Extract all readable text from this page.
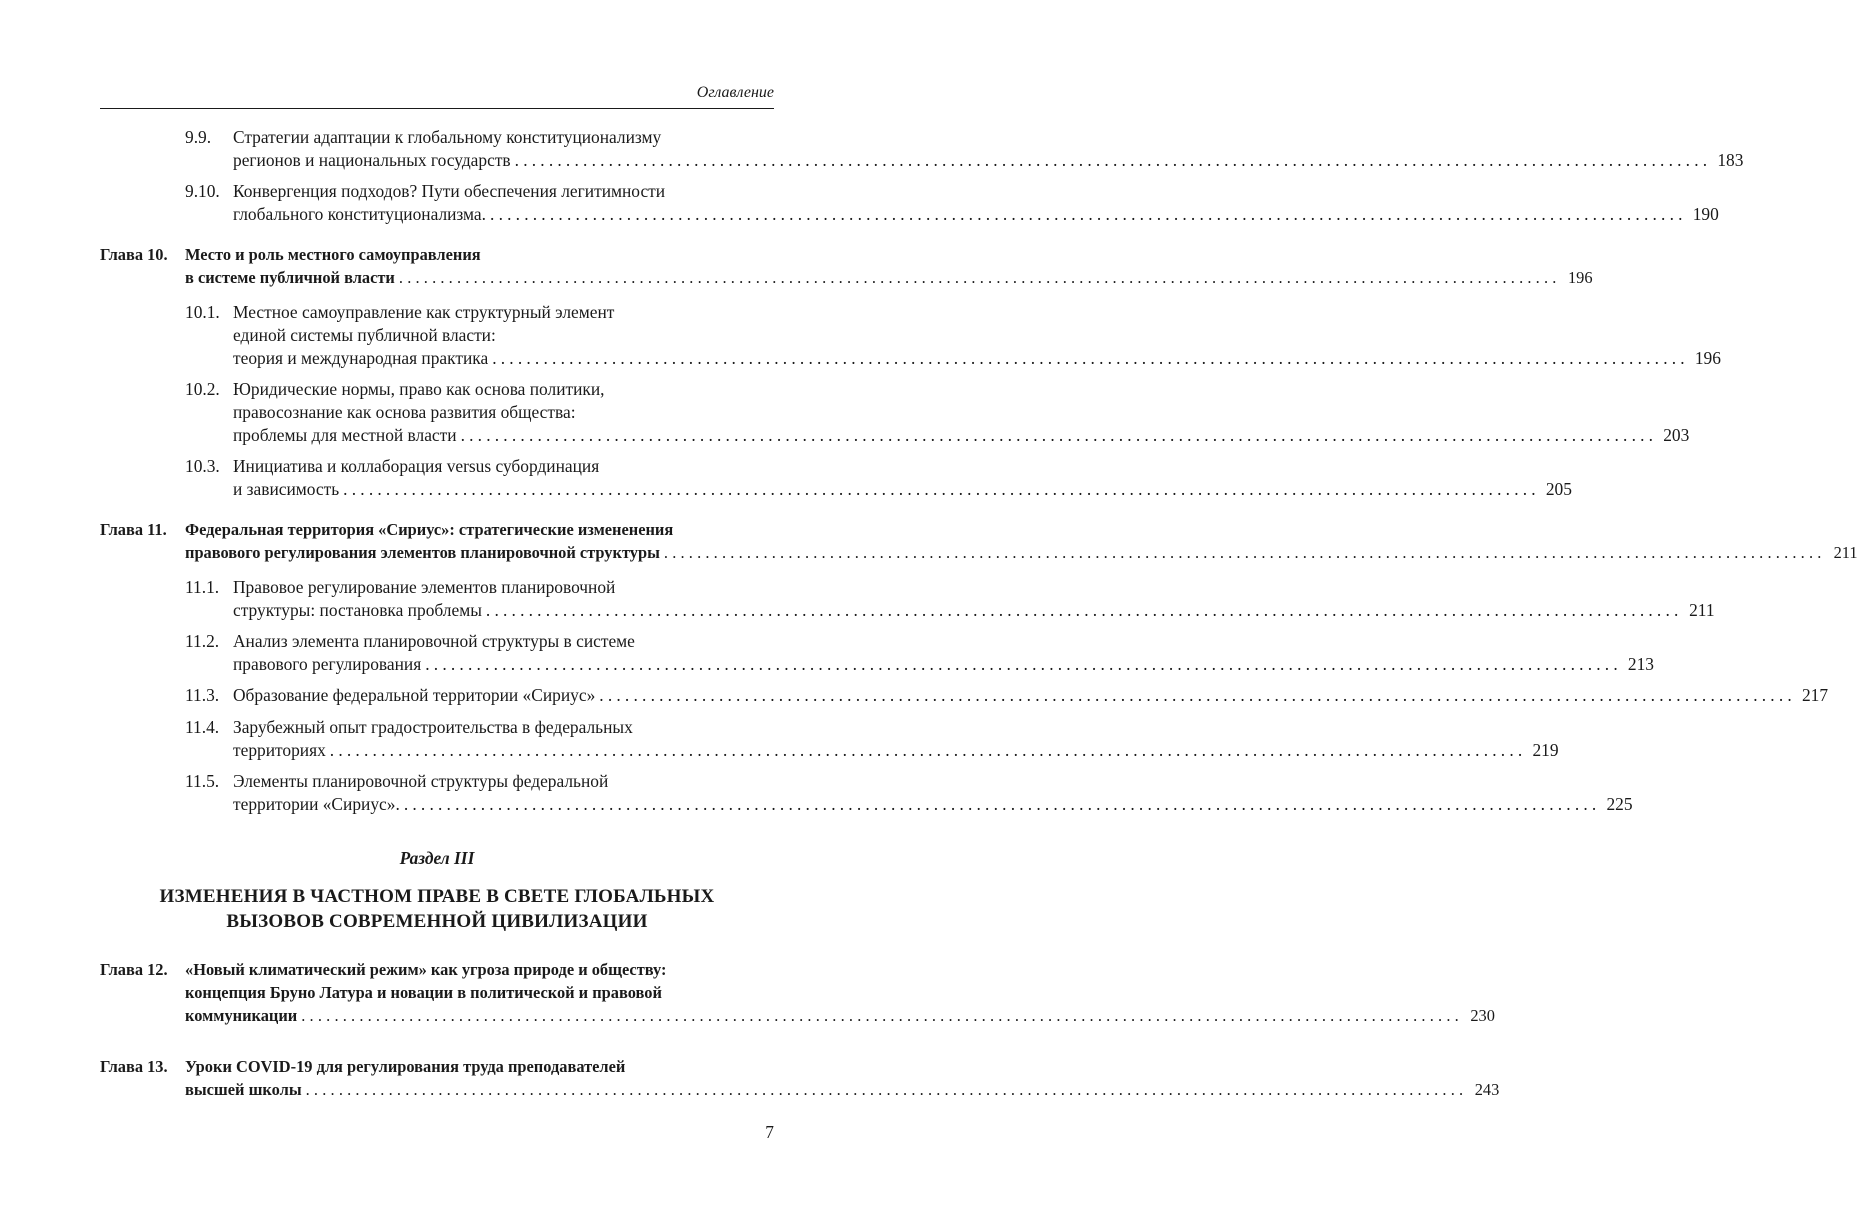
Оглавление
9.9. Стратегии адаптации к глобальному конституционализму
регионов и национальных государств ............................................................................................................................................ 183
9.10. Конвергенция подходов? Пути обеспечения легитимности
глобального конституционализма. ............................................................................................................................................ 190
Глава 10. Место и роль местного самоуправления
в системе публичной власти ............................................................................................................................................ 196
10.1. Местное самоуправление как структурный элемент
единой системы публичной власти:
теория и международная практика ............................................................................................................................................ 196
10.2. Юридические нормы, право как основа политики,
правосознание как основа развития общества:
проблемы для местной власти ............................................................................................................................................ 203
10.3. Инициатива и коллаборация versus субординация
и зависимость ............................................................................................................................................ 205
Глава 11. Федеральная территория «Сириус»: стратегические измененения
правового регулирования элементов планировочной структуры ............................................................................................................................................ 211
11.1. Правовое регулирование элементов планировочной
структуры: постановка проблемы ............................................................................................................................................ 211
11.2. Анализ элемента планировочной структуры в системе
правового регулирования ............................................................................................................................................ 213
11.3. Образование федеральной территории «Сириус» ............................................................................................................................................ 217
11.4. Зарубежный опыт градостроительства в федеральных
территориях ............................................................................................................................................ 219
11.5. Элементы планировочной структуры федеральной
территории «Сириус». ............................................................................................................................................ 225
Раздел III
ИЗМЕНЕНИЯ В ЧАСТНОМ ПРАВЕ В СВЕТЕ ГЛОБАЛЬНЫХ
ВЫЗОВОВ СОВРЕМЕННОЙ ЦИВИЛИЗАЦИИ
Глава 12. «Новый климатический режим» как угроза природе и обществу:
концепция Бруно Латура и новации в политической и правовой
коммуникации ............................................................................................................................................ 230
Глава 13. Уроки COVID-19 для регулирования труда преподавателей
высшей школы ............................................................................................................................................ 243
7
